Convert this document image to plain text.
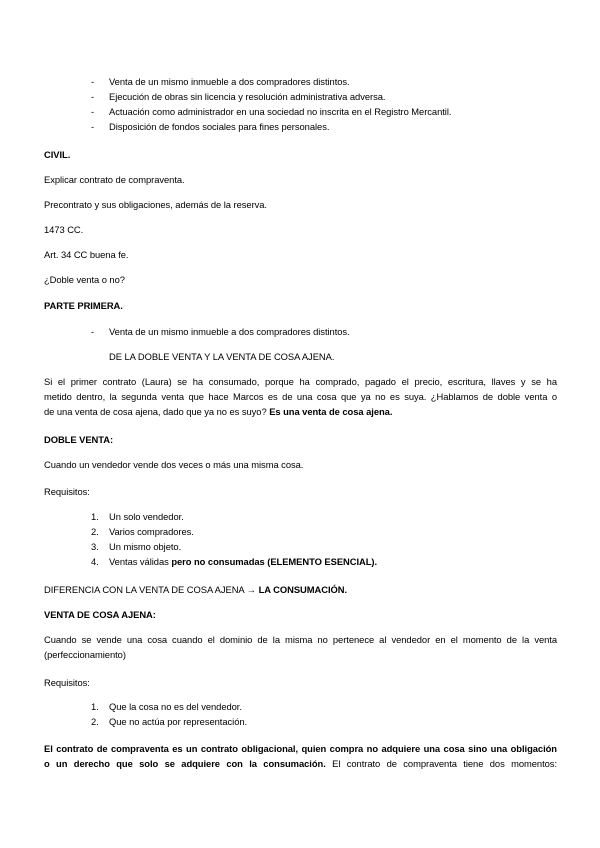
- Venta de un mismo inmueble a dos compradores distintos.
- Ejecución de obras sin licencia y resolución administrativa adversa.
- Actuación como administrador en una sociedad no inscrita en el Registro Mercantil.
- Disposición de fondos sociales para fines personales.
CIVIL.
Explicar contrato de compraventa.
Precontrato y sus obligaciones, además de la reserva.
1473 CC.
Art. 34 CC buena fe.
¿Doble venta o no?
PARTE PRIMERA.
- Venta de un mismo inmueble a dos compradores distintos.
DE LA DOBLE VENTA Y LA VENTA DE COSA AJENA.
Si el primer contrato (Laura) se ha consumado, porque ha comprado, pagado el precio, escritura, llaves y se ha
metido dentro, la segunda venta que hace Marcos es de una cosa que ya no es suya. ¿Hablamos de doble venta o
de una venta de cosa ajena, dado que ya no es suyo? Es una venta de cosa ajena.
DOBLE VENTA:
Cuando un vendedor vende dos veces o más una misma cosa.
Requisitos:
1. Un solo vendedor.
2. Varios compradores.
3. Un mismo objeto.
4. Ventas válidas pero no consumadas (ELEMENTO ESENCIAL).
DIFERENCIA CON LA VENTA DE COSA AJENA → LA CONSUMACIÓN.
VENTA DE COSA AJENA:
Cuando se vende una cosa cuando el dominio de la misma no pertenece al vendedor en el momento de la venta
(perfeccionamiento)
Requisitos:
1. Que la cosa no es del vendedor.
2. Que no actúa por representación.
El contrato de compraventa es un contrato obligacional, quien compra no adquiere una cosa sino una obligación
o un derecho que solo se adquiere con la consumación. El contrato de compraventa tiene dos momentos:
